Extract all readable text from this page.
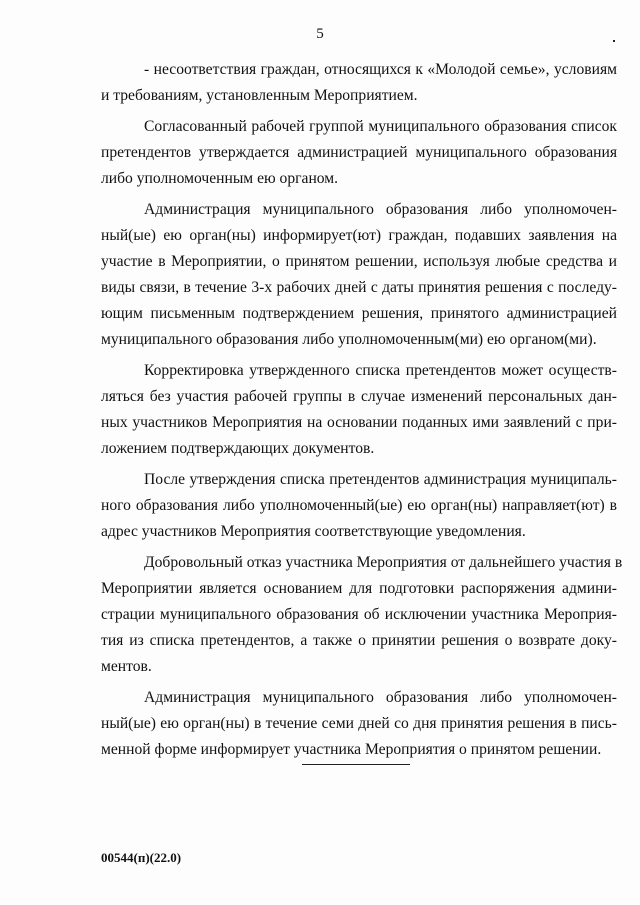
5
- несоответствия граждан, относящихся к «Молодой семье», условиям
и требованиям, установленным Мероприятием.
Согласованный рабочей группой муниципального образования список
претендентов утверждается администрацией муниципального образования
либо уполномоченным ею органом.
Администрация муниципального образования либо уполномочен-
ный(ые) ею орган(ны) информирует(ют) граждан, подавших заявления на
участие в Мероприятии, о принятом решении, используя любые средства и
виды связи, в течение 3-х рабочих дней с даты принятия решения с последу-
ющим письменным подтверждением решения, принятого администрацией
муниципального образования либо уполномоченным(ми) ею органом(ми).
Корректировка утвержденного списка претендентов может осуществ-
ляться без участия рабочей группы в случае изменений персональных дан-
ных участников Мероприятия на основании поданных ими заявлений с при-
ложением подтверждающих документов.
После утверждения списка претендентов администрация муниципаль-
ного образования либо уполномоченный(ые) ею орган(ны) направляет(ют) в
адрес участников Мероприятия соответствующие уведомления.
Добровольный отказ участника Мероприятия от дальнейшего участия в
Мероприятии является основанием для подготовки распоряжения админи-
страции муниципального образования об исключении участника Мероприя-
тия из списка претендентов, а также о принятии решения о возврате доку-
ментов.
Администрация муниципального образования либо уполномочен-
ный(ые) ею орган(ны) в течение семи дней со дня принятия решения в пись-
менной форме информирует участника Мероприятия о принятом решении.
00544(п)(22.0)
